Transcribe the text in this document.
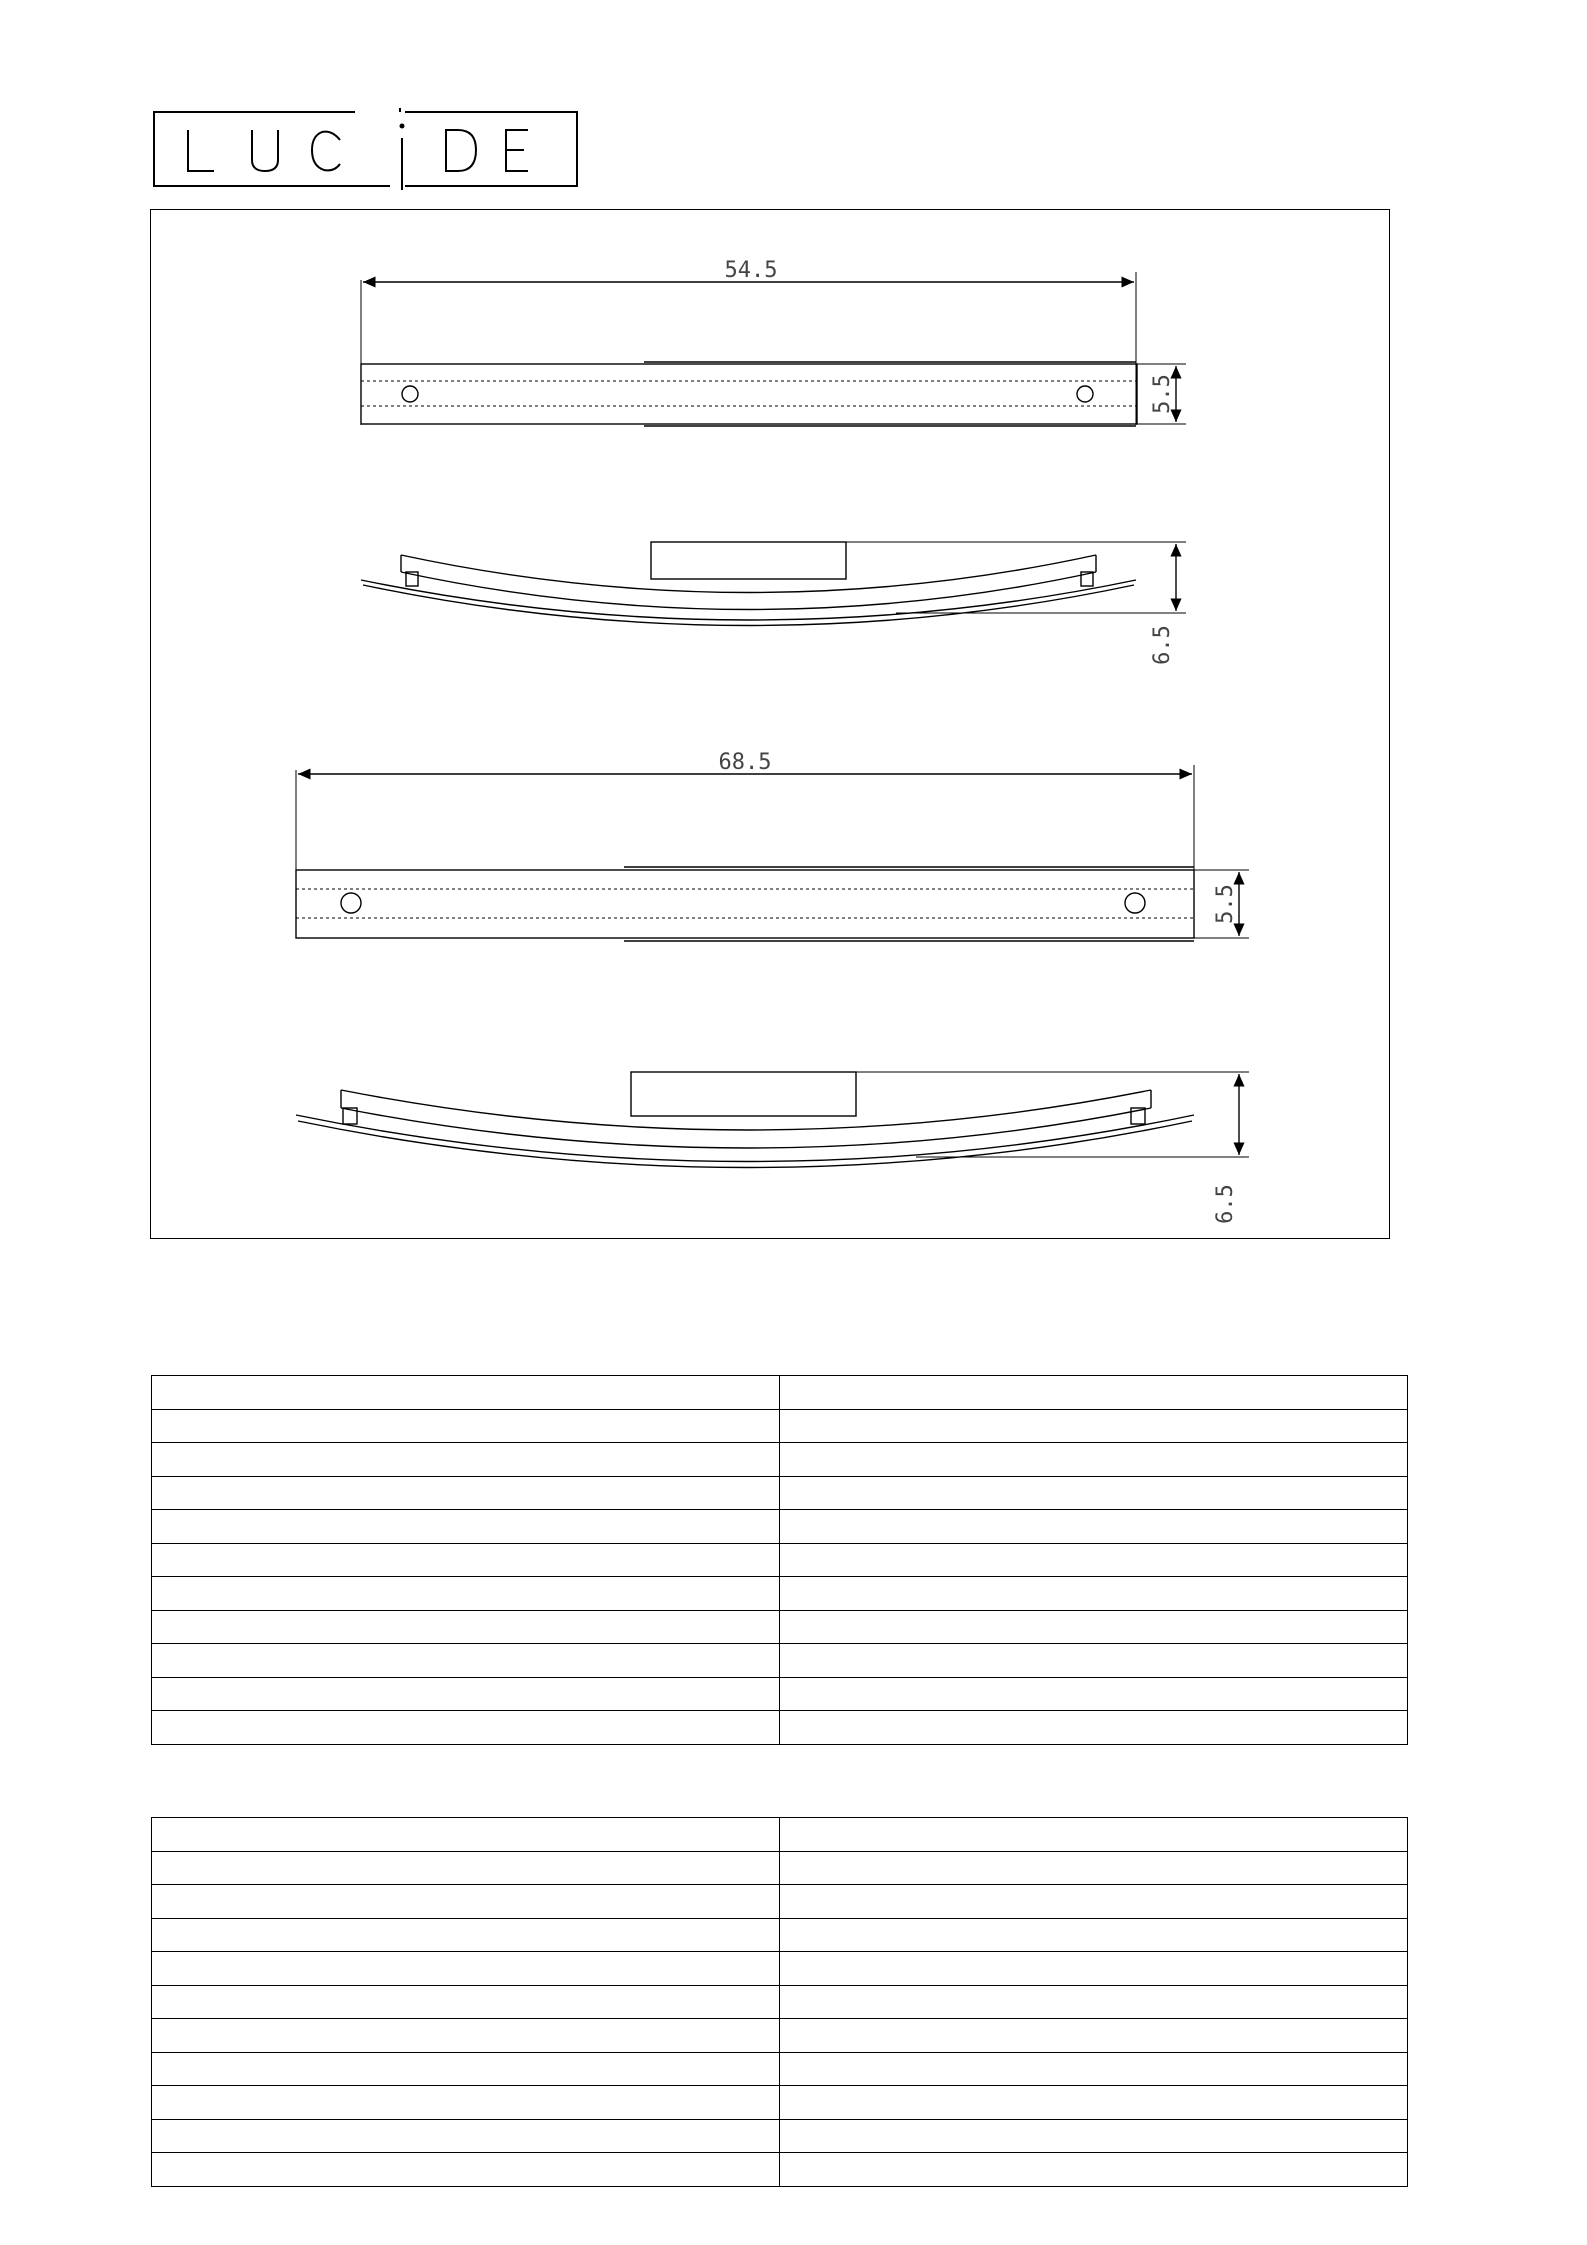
54.5
5.5
6.5
68.5
5.5
6.5
